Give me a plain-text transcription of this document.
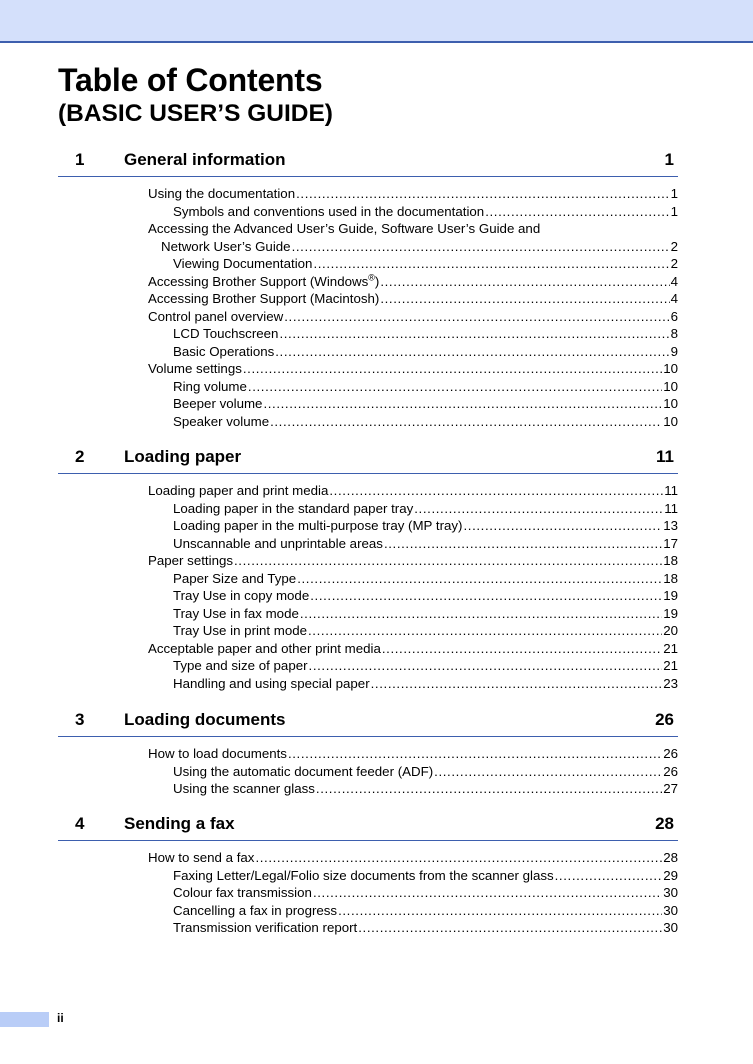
Table of Contents
(BASIC USER’S GUIDE)
1 General information	1
Using the documentation .....	1
Symbols and conventions used in the documentation .....	1
Accessing the Advanced User’s Guide, Software User’s Guide and
Network User’s Guide .....	2
Viewing Documentation .....	2
Accessing Brother Support (Windows®) .....	4
Accessing Brother Support (Macintosh) .....	4
Control panel overview .....	6
LCD Touchscreen .....	8
Basic Operations .....	9
Volume settings .....	10
Ring volume .....	10
Beeper volume .....	10
Speaker volume .....	10
2 Loading paper	11
Loading paper and print media .....	11
Loading paper in the standard paper tray .....	11
Loading paper in the multi-purpose tray (MP tray) .....	13
Unscannable and unprintable areas .....	17
Paper settings .....	18
Paper Size and Type .....	18
Tray Use in copy mode .....	19
Tray Use in fax mode .....	19
Tray Use in print mode .....	20
Acceptable paper and other print media .....	21
Type and size of paper .....	21
Handling and using special paper .....	23
3 Loading documents	26
How to load documents .....	26
Using the automatic document feeder (ADF) .....	26
Using the scanner glass .....	27
4 Sending a fax	28
How to send a fax .....	28
Faxing Letter/Legal/Folio size documents from the scanner glass .....	29
Colour fax transmission .....	30
Cancelling a fax in progress .....	30
Transmission verification report .....	30
ii
